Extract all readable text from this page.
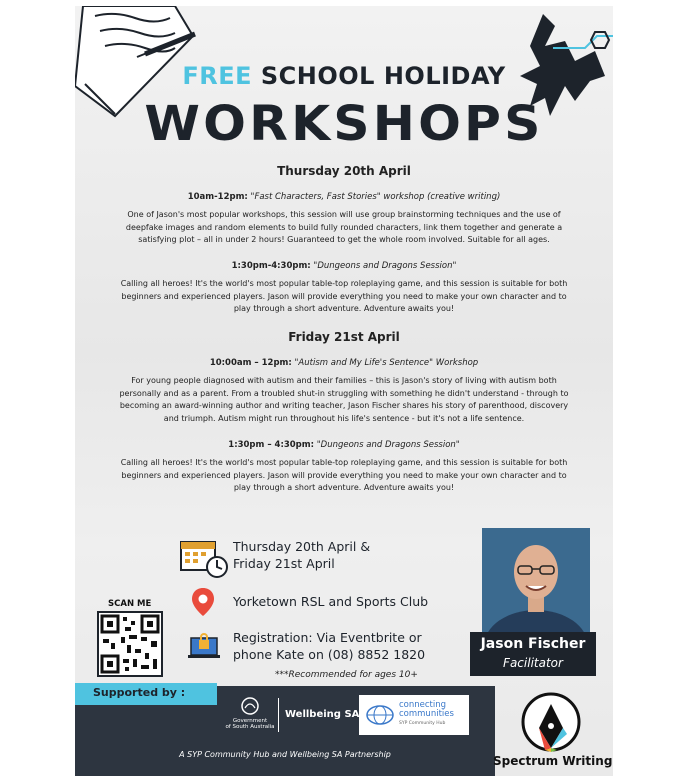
FREE SCHOOL HOLIDAY
WORKSHOPS
Thursday 20th April
10am-12pm: "Fast Characters, Fast Stories" workshop (creative writing)
One of Jason's most popular workshops, this session will use group brainstorming techniques and the use of
deepfake images and random elements to build fully rounded characters, link them together and generate a
satisfying plot – all in under 2 hours! Guaranteed to get the whole room involved. Suitable for all ages.
1:30pm-4:30pm: "Dungeons and Dragons Session"
Calling all heroes! It's the world's most popular table-top roleplaying game, and this session is suitable for both
beginners and experienced players. Jason will provide everything you need to make your own character and to
play through a short adventure. Adventure awaits you!
Friday 21st April
10:00am – 12pm: "Autism and My Life's Sentence" Workshop
For young people diagnosed with autism and their families – this is Jason's story of living with autism both
personally and as a parent. From a troubled shut-in struggling with something he didn't understand - through to
becoming an award-winning author and writing teacher, Jason Fischer shares his story of parenthood, discovery
and triumph. Autism might run throughout his life's sentence - but it's not a life sentence.
1:30pm – 4:30pm: "Dungeons and Dragons Session"
Calling all heroes! It's the world's most popular table-top roleplaying game, and this session is suitable for both
beginners and experienced players. Jason will provide everything you need to make your own character and to
play through a short adventure. Adventure awaits you!
Thursday 20th April &
Friday 21st April
Yorketown RSL and Sports Club
Registration: Via Eventbrite or
phone Kate on (08) 8852 1820
***Recommended for ages 10+
SCAN ME
Jason Fischer
Facilitator
Supported by :
Government
of South Australia
Wellbeing SA
connecting
communities
SYP Community Hub
A SYP Community Hub and Wellbeing SA Partnership	Spectrum Writing
